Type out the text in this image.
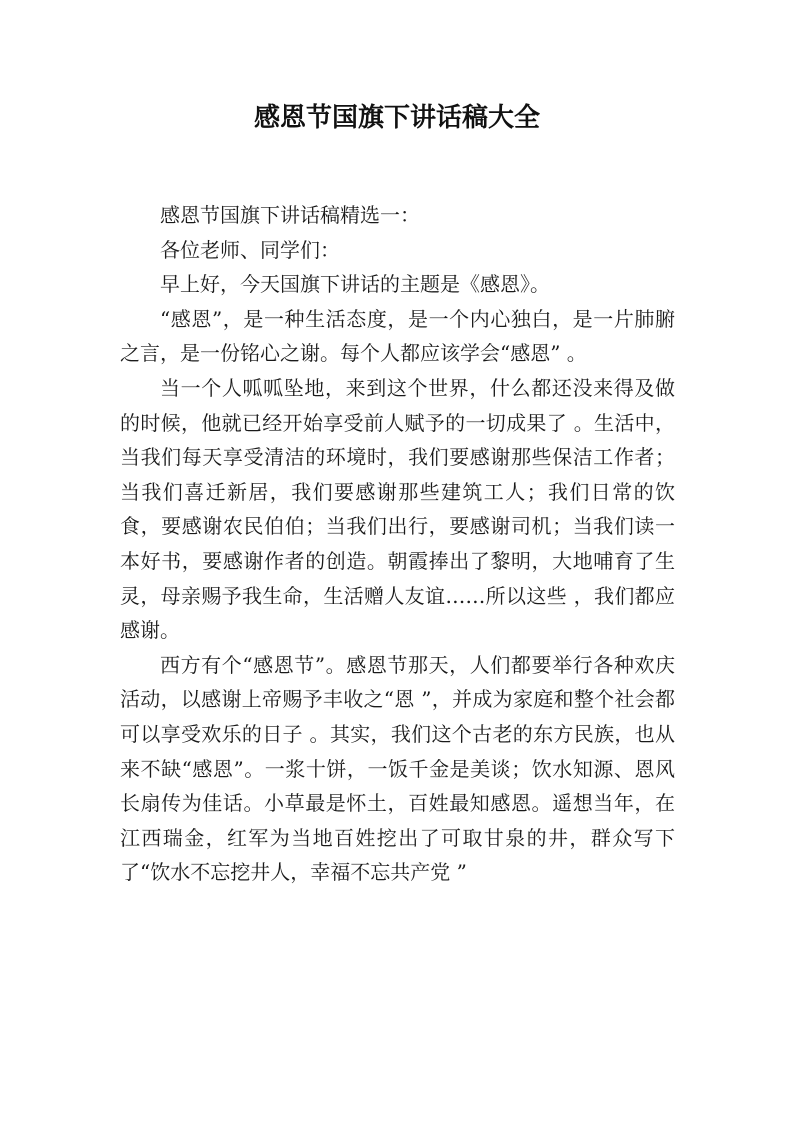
感恩节国旗下讲话稿大全

感恩节国旗下讲话稿精选一：

各位老师、同学们：

早上好，今天国旗下讲话的主题是《感恩》。

“感恩”，是一种生活态度，是一个内心独白，是一片肺腑之言，是一份铭心之谢。每个人都应该学会“感恩” 。

当一个人呱呱坠地，来到这个世界，什么都还没来得及做的时候，他就已经开始享受前人赋予的一切成果了 。生活中，当我们每天享受清洁的环境时，我们要感谢那些保洁工作者；当我们喜迁新居，我们要感谢那些建筑工人；我们日常的饮食，要感谢农民伯伯；当我们出行，要感谢司机；当我们读一本好书，要感谢作者的创造。朝霞捧出了黎明，大地哺育了生灵，母亲赐予我生命，生活赠人友谊……所以这些 ，我们都应感谢。

西方有个“感恩节”。感恩节那天，人们都要举行各种欢庆活动，以感谢上帝赐予丰收之“恩 ”，并成为家庭和整个社会都可以享受欢乐的日子 。其实，我们这个古老的东方民族，也从来不缺“感恩”。一浆十饼，一饭千金是美谈；饮水知源、恩风长扇传为佳话。小草最是怀土，百姓最知感恩。遥想当年，在江西瑞金，红军为当地百姓挖出了可取甘泉的井，群众写下了“饮水不忘挖井人，幸福不忘共产党 ”
